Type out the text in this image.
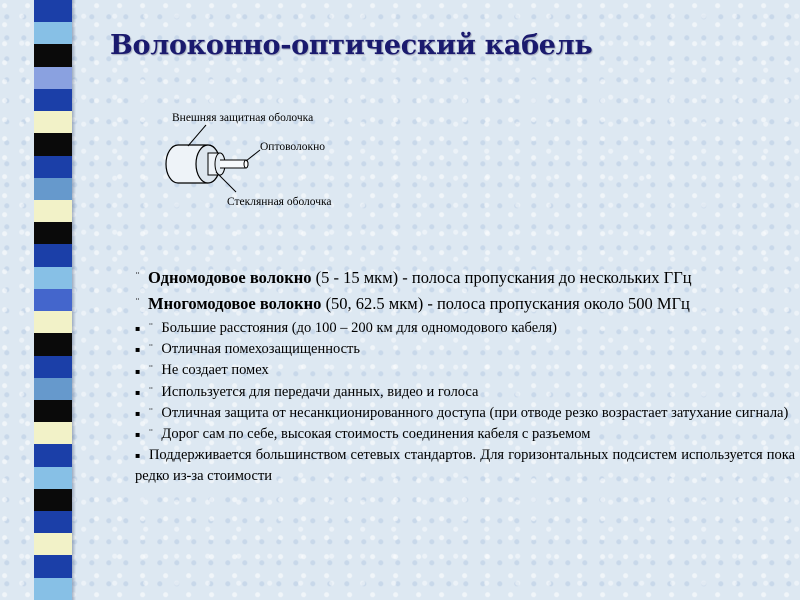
Волоконно-оптический кабель
Внешняя защитная оболочка
Оптоволокно
Стеклянная оболочка

¨ Одномодовое волокно (5 - 15 мкм) - полоса пропускания до нескольких ГГц

¨ Многомодовое волокно (50, 62.5 мкм) - полоса пропускания около 500 МГц

▪ ¨ Большие расстояния (до 100 – 200 км для одномодового кабеля)

▪ ¨ Отличная помехозащищенность

▪ ¨ Не создает помех

▪ ¨ Используется для передачи данных, видео и голоса

▪ ¨ Отличная защита от несанкционированного доступа (при отводе резко возрастает затухание сигнала)

▪ ¨ Дорог сам по себе, высокая стоимость соединения кабеля с разъемом

▪ Поддерживается большинством сетевых стандартов. Для горизонтальных подсистем используется пока редко из-за стоимости
